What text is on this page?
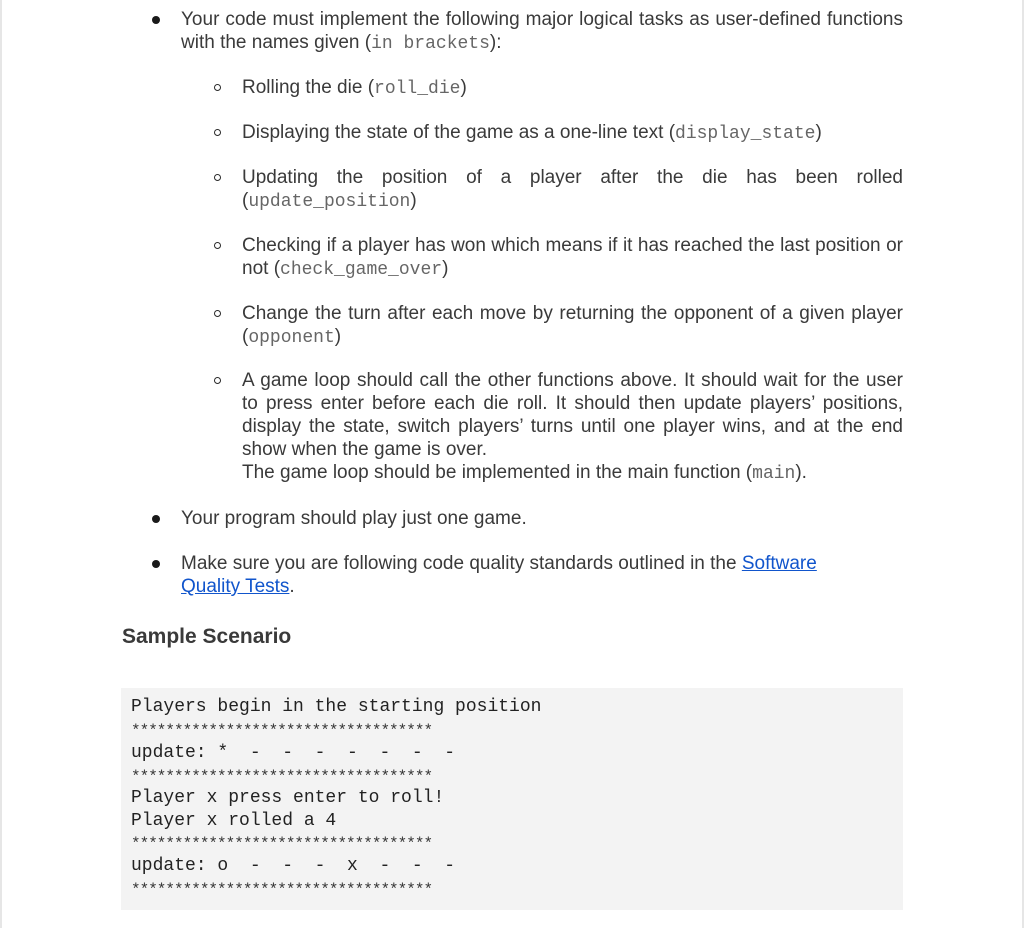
Your code must implement the following major logical tasks as user-defined functions with the names given (in brackets):
Rolling the die (roll_die)
Displaying the state of the game as a one-line text (display_state)
Updating the position of a player after the die has been rolled (update_position)
Checking if a player has won which means if it has reached the last position or not (check_game_over)
Change the turn after each move by returning the opponent of a given player (opponent)
A game loop should call the other functions above. It should wait for the user to press enter before each die roll. It should then update players’ positions, display the state, switch players’ turns until one player wins, and at the end show when the game is over.
The game loop should be implemented in the main function (main).
Your program should play just one game.
Make sure you are following code quality standards outlined in the Software Quality Tests.
Sample Scenario
Players begin in the starting position
***********************************
update: *  -  -  -  -  -  -  -
***********************************
Player x press enter to roll!
Player x rolled a 4
***********************************
update: o  -  -  -  x  -  -  -
***********************************
